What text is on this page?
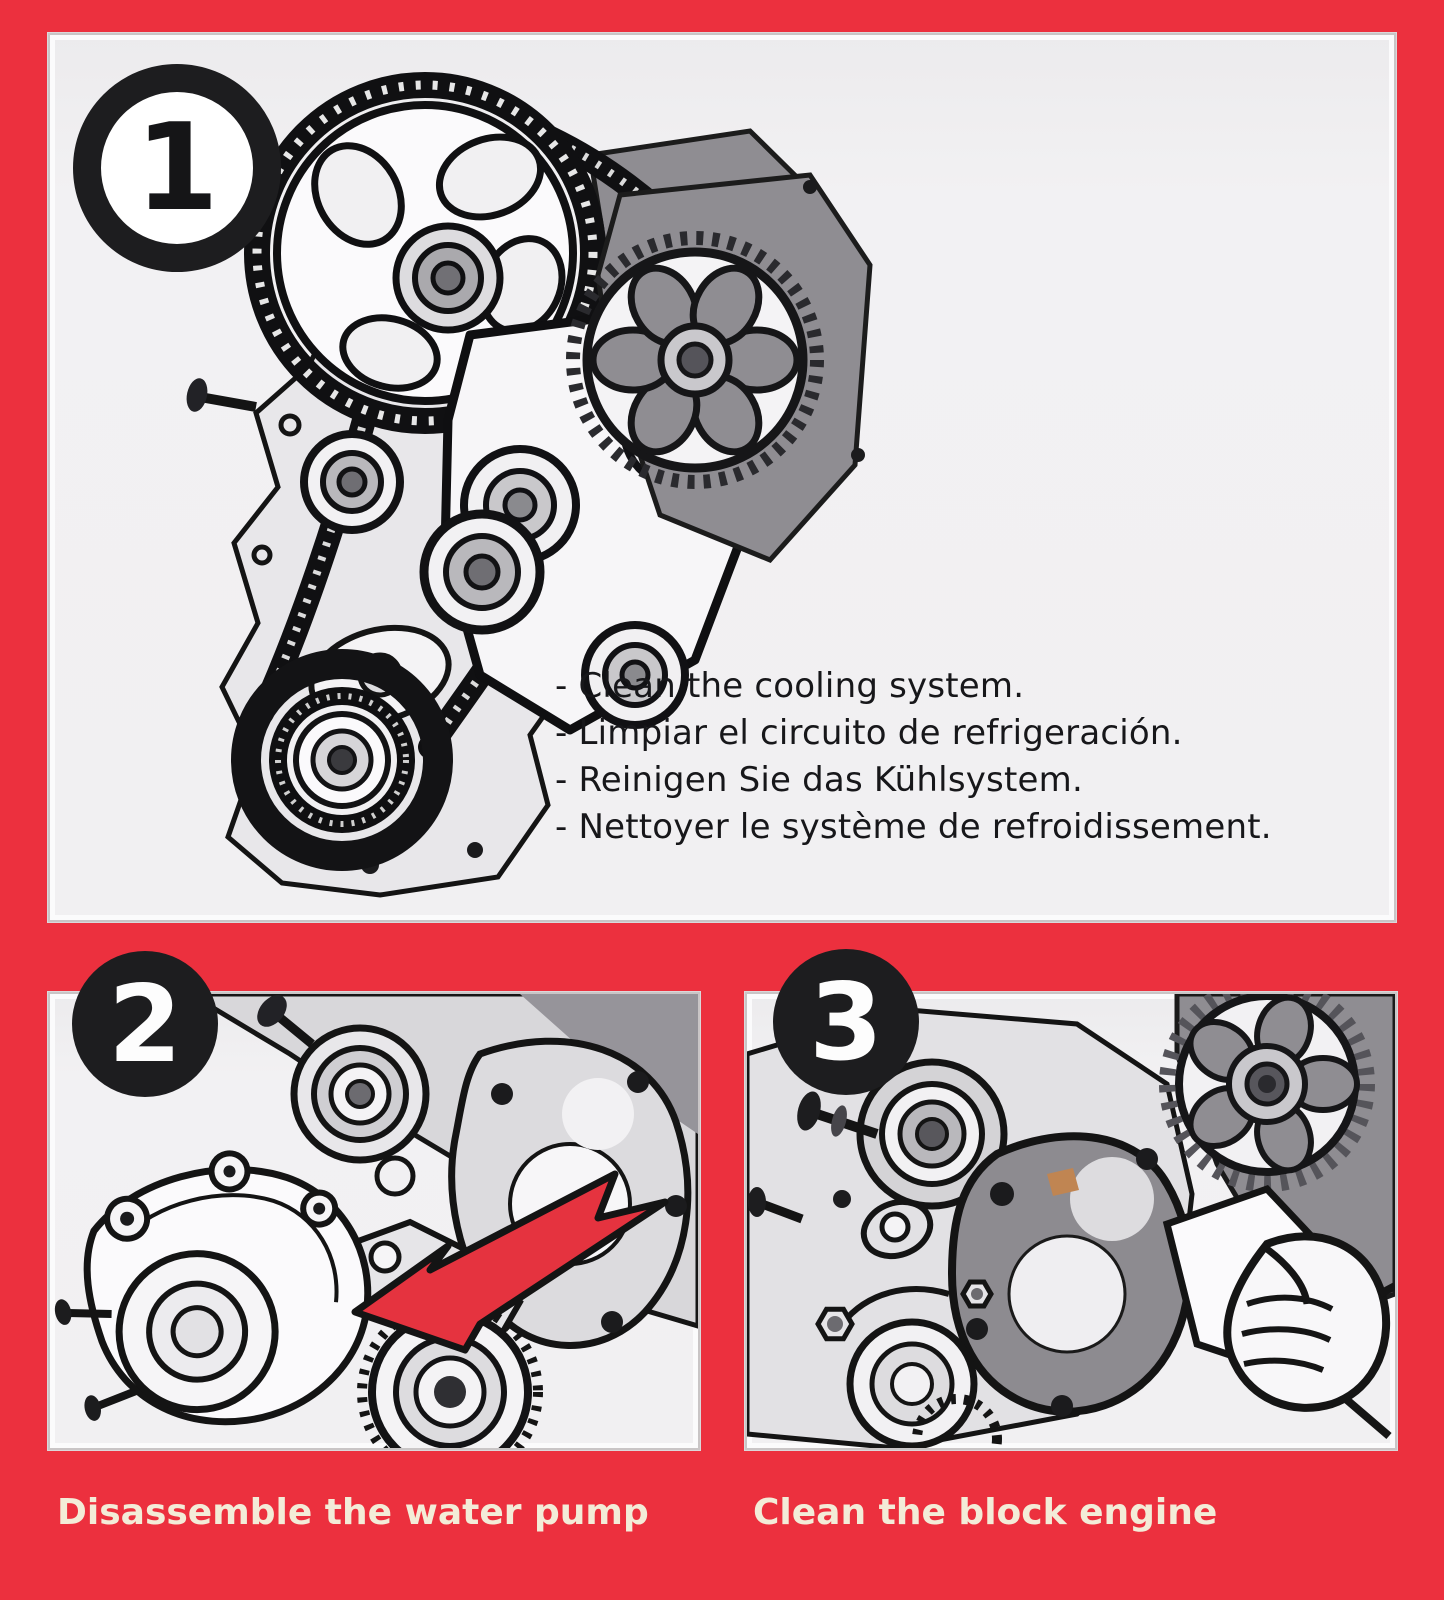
- Clean the cooling system.
- Limpiar el circuito de refrigeración.
- Reinigen Sie das Kühlsystem.
- Nettoyer le système de refroidissement.
1
2	3
Disassemble the water pump	Clean the block engine
